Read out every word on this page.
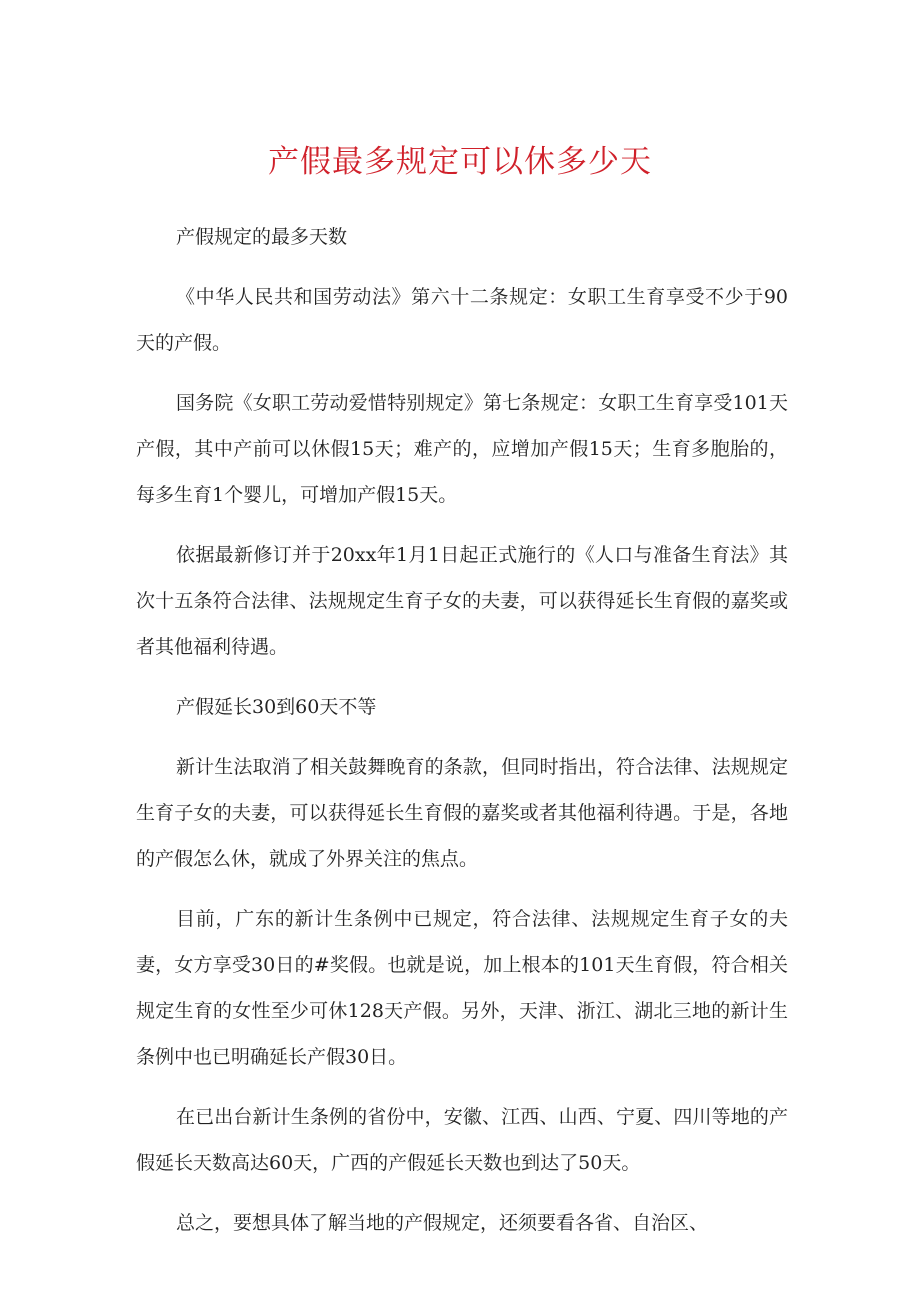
产假最多规定可以休多少天

产假规定的最多天数

《中华人民共和国劳动法》第六十二条规定：女职工生育享受不少于90天的产假。

国务院《女职工劳动爱惜特别规定》第七条规定：女职工生育享受101天产假，其中产前可以休假15天；难产的，应增加产假15天；生育多胞胎的，每多生育1个婴儿，可增加产假15天。

依据最新修订并于20xx年1月1日起正式施行的《人口与准备生育法》其次十五条符合法律、法规规定生育子女的夫妻，可以获得延长生育假的嘉奖或者其他福利待遇。

产假延长30到60天不等

新计生法取消了相关鼓舞晚育的条款，但同时指出，符合法律、法规规定生育子女的夫妻，可以获得延长生育假的嘉奖或者其他福利待遇。于是，各地的产假怎么休，就成了外界关注的焦点。

目前，广东的新计生条例中已规定，符合法律、法规规定生育子女的夫妻，女方享受30日的#奖假。也就是说，加上根本的101天生育假，符合相关规定生育的女性至少可休128天产假。另外，天津、浙江、湖北三地的新计生条例中也已明确延长产假30日。

在已出台新计生条例的省份中，安徽、江西、山西、宁夏、四川等地的产假延长天数高达60天，广西的产假延长天数也到达了50天。

总之，要想具体了解当地的产假规定，还须要看各省、自治区、
